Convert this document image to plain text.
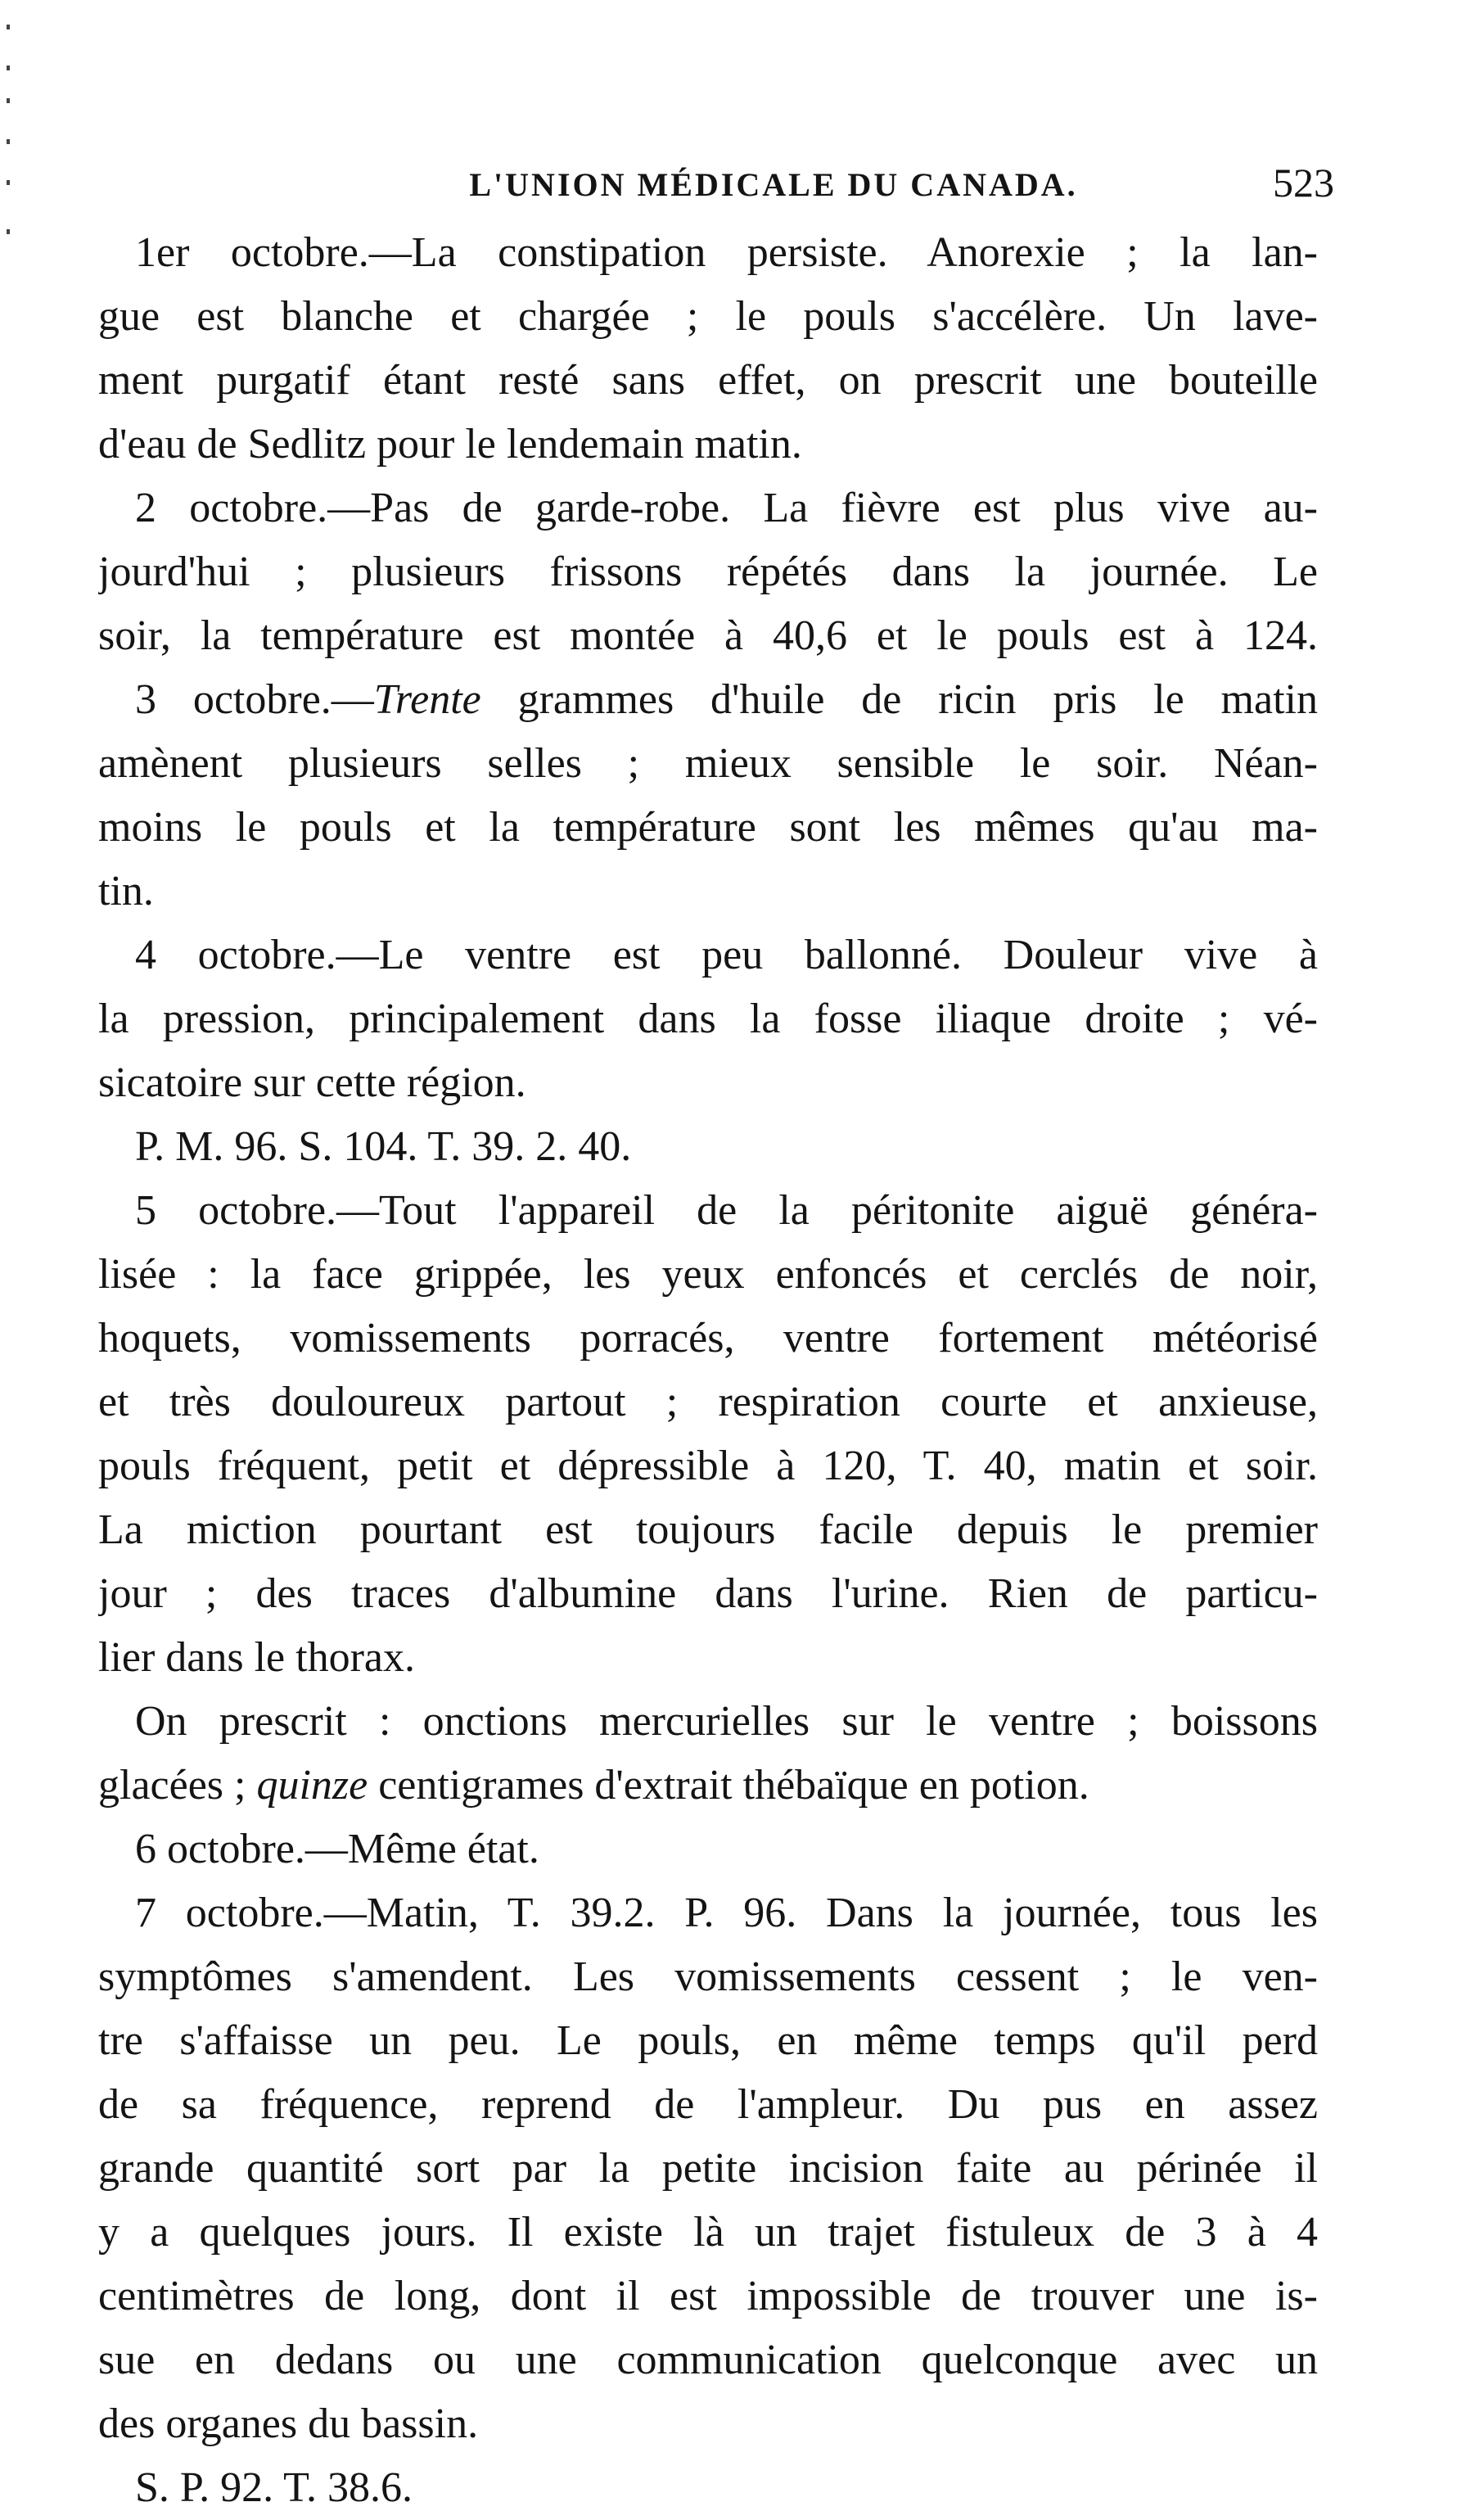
L'UNION MÉDICALE DU CANADA.	523
1er octobre.—La constipation persiste. Anorexie ; la lan-
gue est blanche et chargée ; le pouls s'accélère. Un lave-
ment purgatif étant resté sans effet, on prescrit une bouteille
d'eau de Sedlitz pour le lendemain matin.
2 octobre.—Pas de garde-robe. La fièvre est plus vive au-
jourd'hui ; plusieurs frissons répétés dans la journée. Le
soir, la température est montée à 40,6 et le pouls est à 124.
3 octobre.—Trente grammes d'huile de ricin pris le matin
amènent plusieurs selles ; mieux sensible le soir. Néan-
moins le pouls et la température sont les mêmes qu'au ma-
tin.
4 octobre.—Le ventre est peu ballonné. Douleur vive à
la pression, principalement dans la fosse iliaque droite ; vé-
sicatoire sur cette région.
P. M. 96. S. 104. T. 39. 2. 40.
5 octobre.—Tout l'appareil de la péritonite aiguë généra-
lisée : la face grippée, les yeux enfoncés et cerclés de noir,
hoquets, vomissements porracés, ventre fortement météorisé
et très douloureux partout ; respiration courte et anxieuse,
pouls fréquent, petit et dépressible à 120, T. 40, matin et soir.
La miction pourtant est toujours facile depuis le premier
jour ; des traces d'albumine dans l'urine. Rien de particu-
lier dans le thorax.
On prescrit : onctions mercurielles sur le ventre ; boissons
glacées ; quinze centigrames d'extrait thébaïque en potion.
6 octobre.—Même état.
7 octobre.—Matin, T. 39.2. P. 96. Dans la journée, tous les
symptômes s'amendent. Les vomissements cessent ; le ven-
tre s'affaisse un peu. Le pouls, en même temps qu'il perd
de sa fréquence, reprend de l'ampleur. Du pus en assez
grande quantité sort par la petite incision faite au périnée il
y a quelques jours. Il existe là un trajet fistuleux de 3 à 4
centimètres de long, dont il est impossible de trouver une is-
sue en dedans ou une communication quelconque avec un
des organes du bassin.
S. P. 92. T. 38.6.
